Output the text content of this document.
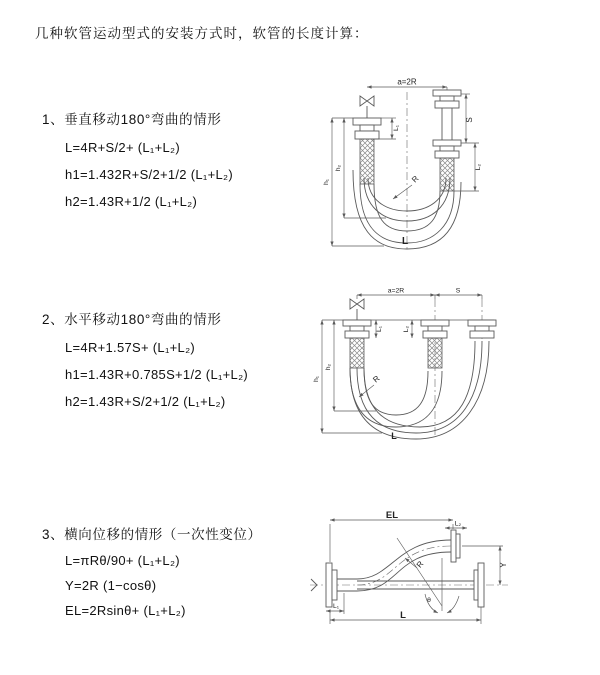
几种软管运动型式的安装方式时，软管的长度计算：
1、垂直移动180°弯曲的情形
L=4R+S/2+ (L₁+L₂)
h1=1.432R+S/2+1/2 (L₁+L₂)
h2=1.43R+1/2 (L₁+L₂)
a=2R
S
L₂
h₁
h₂
L₁
R
L
2、水平移动180°弯曲的情形
L=4R+1.57S+ (L₁+L₂)
h1=1.43R+0.785S+1/2 (L₁+L₂)
h2=1.43R+S/2+1/2 (L₁+L₂)
a=2R	S
h₁
h₂
L₁	L₂
R
L
3、横向位移的情形（一次性变位）
L=πRθ/90+ (L₁+L₂)
Y=2R (1−cosθ)
EL=2Rsinθ+ (L₁+L₂)
EL
L₂
Y
R
θ
L
L₁
